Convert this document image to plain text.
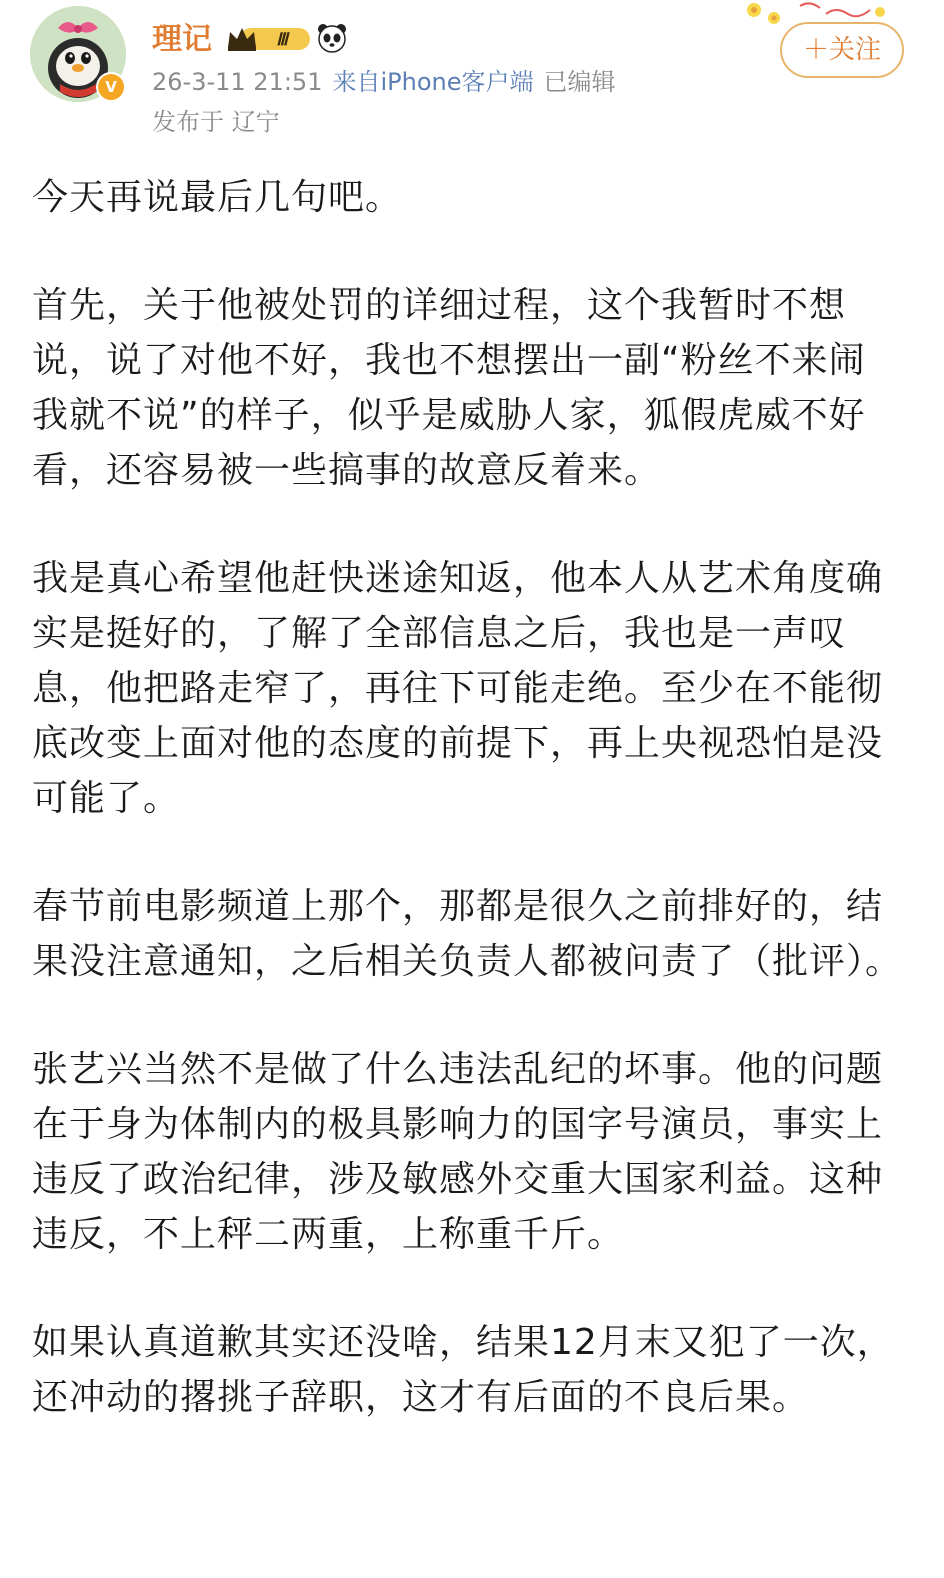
V
理记	Ⅲ
26-3-11 21:51 来自iPhone客户端 已编辑
发布于 辽宁
＋关注

今天再说最后几句吧。

首先，关于他被处罚的详细过程，这个我暂时不想说，说了对他不好，我也不想摆出一副“粉丝不来闹我就不说”的样子，似乎是威胁人家，狐假虎威不好看，还容易被一些搞事的故意反着来。

我是真心希望他赶快迷途知返，他本人从艺术角度确实是挺好的，了解了全部信息之后，我也是一声叹息，他把路走窄了，再往下可能走绝。至少在不能彻底改变上面对他的态度的前提下，再上央视恐怕是没可能了。

春节前电影频道上那个，那都是很久之前排好的，结果没注意通知，之后相关负责人都被问责了（批评）。

张艺兴当然不是做了什么违法乱纪的坏事。他的问题在于身为体制内的极具影响力的国字号演员，事实上违反了政治纪律，涉及敏感外交重大国家利益。这种违反，不上秤二两重，上称重千斤。

如果认真道歉其实还没啥，结果12月末又犯了一次，还冲动的撂挑子辞职，这才有后面的不良后果。
